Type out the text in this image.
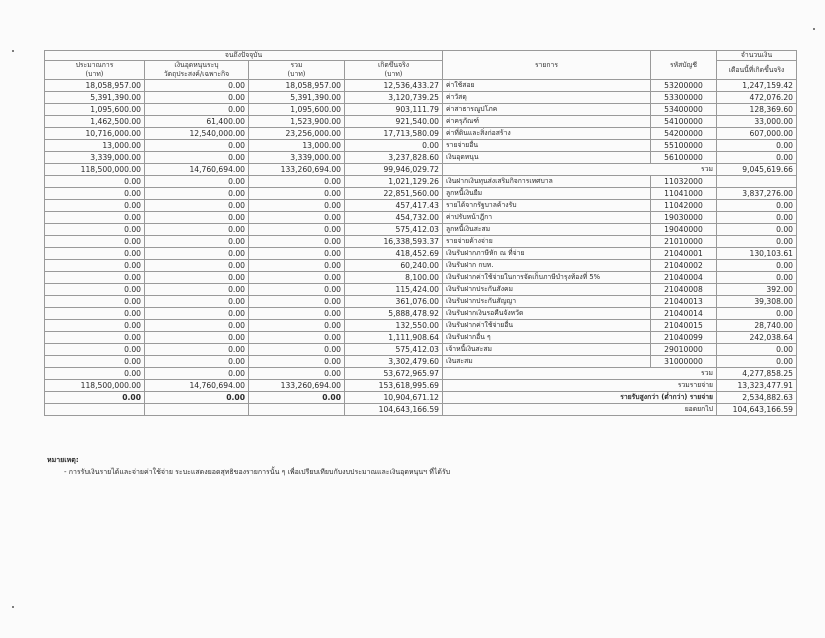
จนถึงปัจจุบัน				รายการ	รหัสบัญชี	จำนวนเงิน
ประมาณการ	เงินอุดหนุนระบุ	รวม	เกิดขึ้นจริง			เดือนนี้ที่เกิดขึ้นจริง
(บาท)	วัตถุประสงค์/เฉพาะกิจ	(บาท)	(บาท)			
18,058,957.00	0.00	18,058,957.00	12,536,433.27	ค่าใช้สอย	53200000	1,247,159.42
5,391,390.00	0.00	5,391,390.00	3,120,739.25	ค่าวัสดุ	53300000	472,076.20
1,095,600.00	0.00	1,095,600.00	903,111.79	ค่าสาธารณูปโภค	53400000	128,369.60
1,462,500.00	61,400.00	1,523,900.00	921,540.00	ค่าครุภัณฑ์	54100000	33,000.00
10,716,000.00	12,540,000.00	23,256,000.00	17,713,580.09	ค่าที่ดินและสิ่งก่อสร้าง	54200000	607,000.00
13,000.00	0.00	13,000.00	0.00	รายจ่ายอื่น	55100000	0.00
3,339,000.00	0.00	3,339,000.00	3,237,828.60	เงินอุดหนุน	56100000	0.00
118,500,000.00	14,760,694.00	133,260,694.00	99,946,029.72	รวม		9,045,619.66
0.00	0.00	0.00	1,021,129.26	เงินฝากเงินทุนส่งเสริมกิจการเทศบาล	11032000	
0.00	0.00	0.00	22,851,560.00	ลูกหนี้เงินยืม	11041000	3,837,276.00
0.00	0.00	0.00	457,417.43	รายได้จากรัฐบาลค้างรับ	11042000	0.00
0.00	0.00	0.00	454,732.00	ค่าปรับหน้าฎีกา	19030000	0.00
0.00	0.00	0.00	575,412.03	ลูกหนี้เงินสะสม	19040000	0.00
0.00	0.00	0.00	16,338,593.37	รายจ่ายค้างจ่าย	21010000	0.00
0.00	0.00	0.00	418,452.69	เงินรับฝากภาษีหัก ณ ที่จ่าย	21040001	130,103.61
0.00	0.00	0.00	60,240.00	เงินรับฝาก กบท.	21040002	0.00
0.00	0.00	0.00	8,100.00	เงินรับฝากค่าใช้จ่ายในการจัดเก็บภาษีบำรุงท้องที่ 5%	21040004	0.00
0.00	0.00	0.00	115,424.00	เงินรับฝากประกันสังคม	21040008	392.00
0.00	0.00	0.00	361,076.00	เงินรับฝากประกันสัญญา	21040013	39,308.00
0.00	0.00	0.00	5,888,478.92	เงินรับฝากเงินรอคืนจังหวัด	21040014	0.00
0.00	0.00	0.00	132,550.00	เงินรับฝากค่าใช้จ่ายอื่น	21040015	28,740.00
0.00	0.00	0.00	1,111,908.64	เงินรับฝากอื่น ๆ	21040099	242,038.64
0.00	0.00	0.00	575,412.03	เจ้าหนี้เงินสะสม	29010000	0.00
0.00	0.00	0.00	3,302,479.60	เงินสะสม	31000000	0.00
0.00	0.00	0.00	53,672,965.97	รวม		4,277,858.25
118,500,000.00	14,760,694.00	133,260,694.00	153,618,995.69	รวมรายจ่าย		13,323,477.91
0.00	0.00	0.00	10,904,671.12	รายรับสูงกว่า (ต่ำกว่า) รายจ่าย		2,534,882.63
			104,643,166.59	ยอดยกไป		104,643,166.59
หมายเหตุ:
- การรับเงินรายได้และจ่ายค่าใช้จ่าย ระบะแสดงยอดสุทธิของรายการนั้น ๆ เพื่อเปรียบเทียบกับงบประมาณและเงินอุดหนุนฯ ที่ได้รับ
